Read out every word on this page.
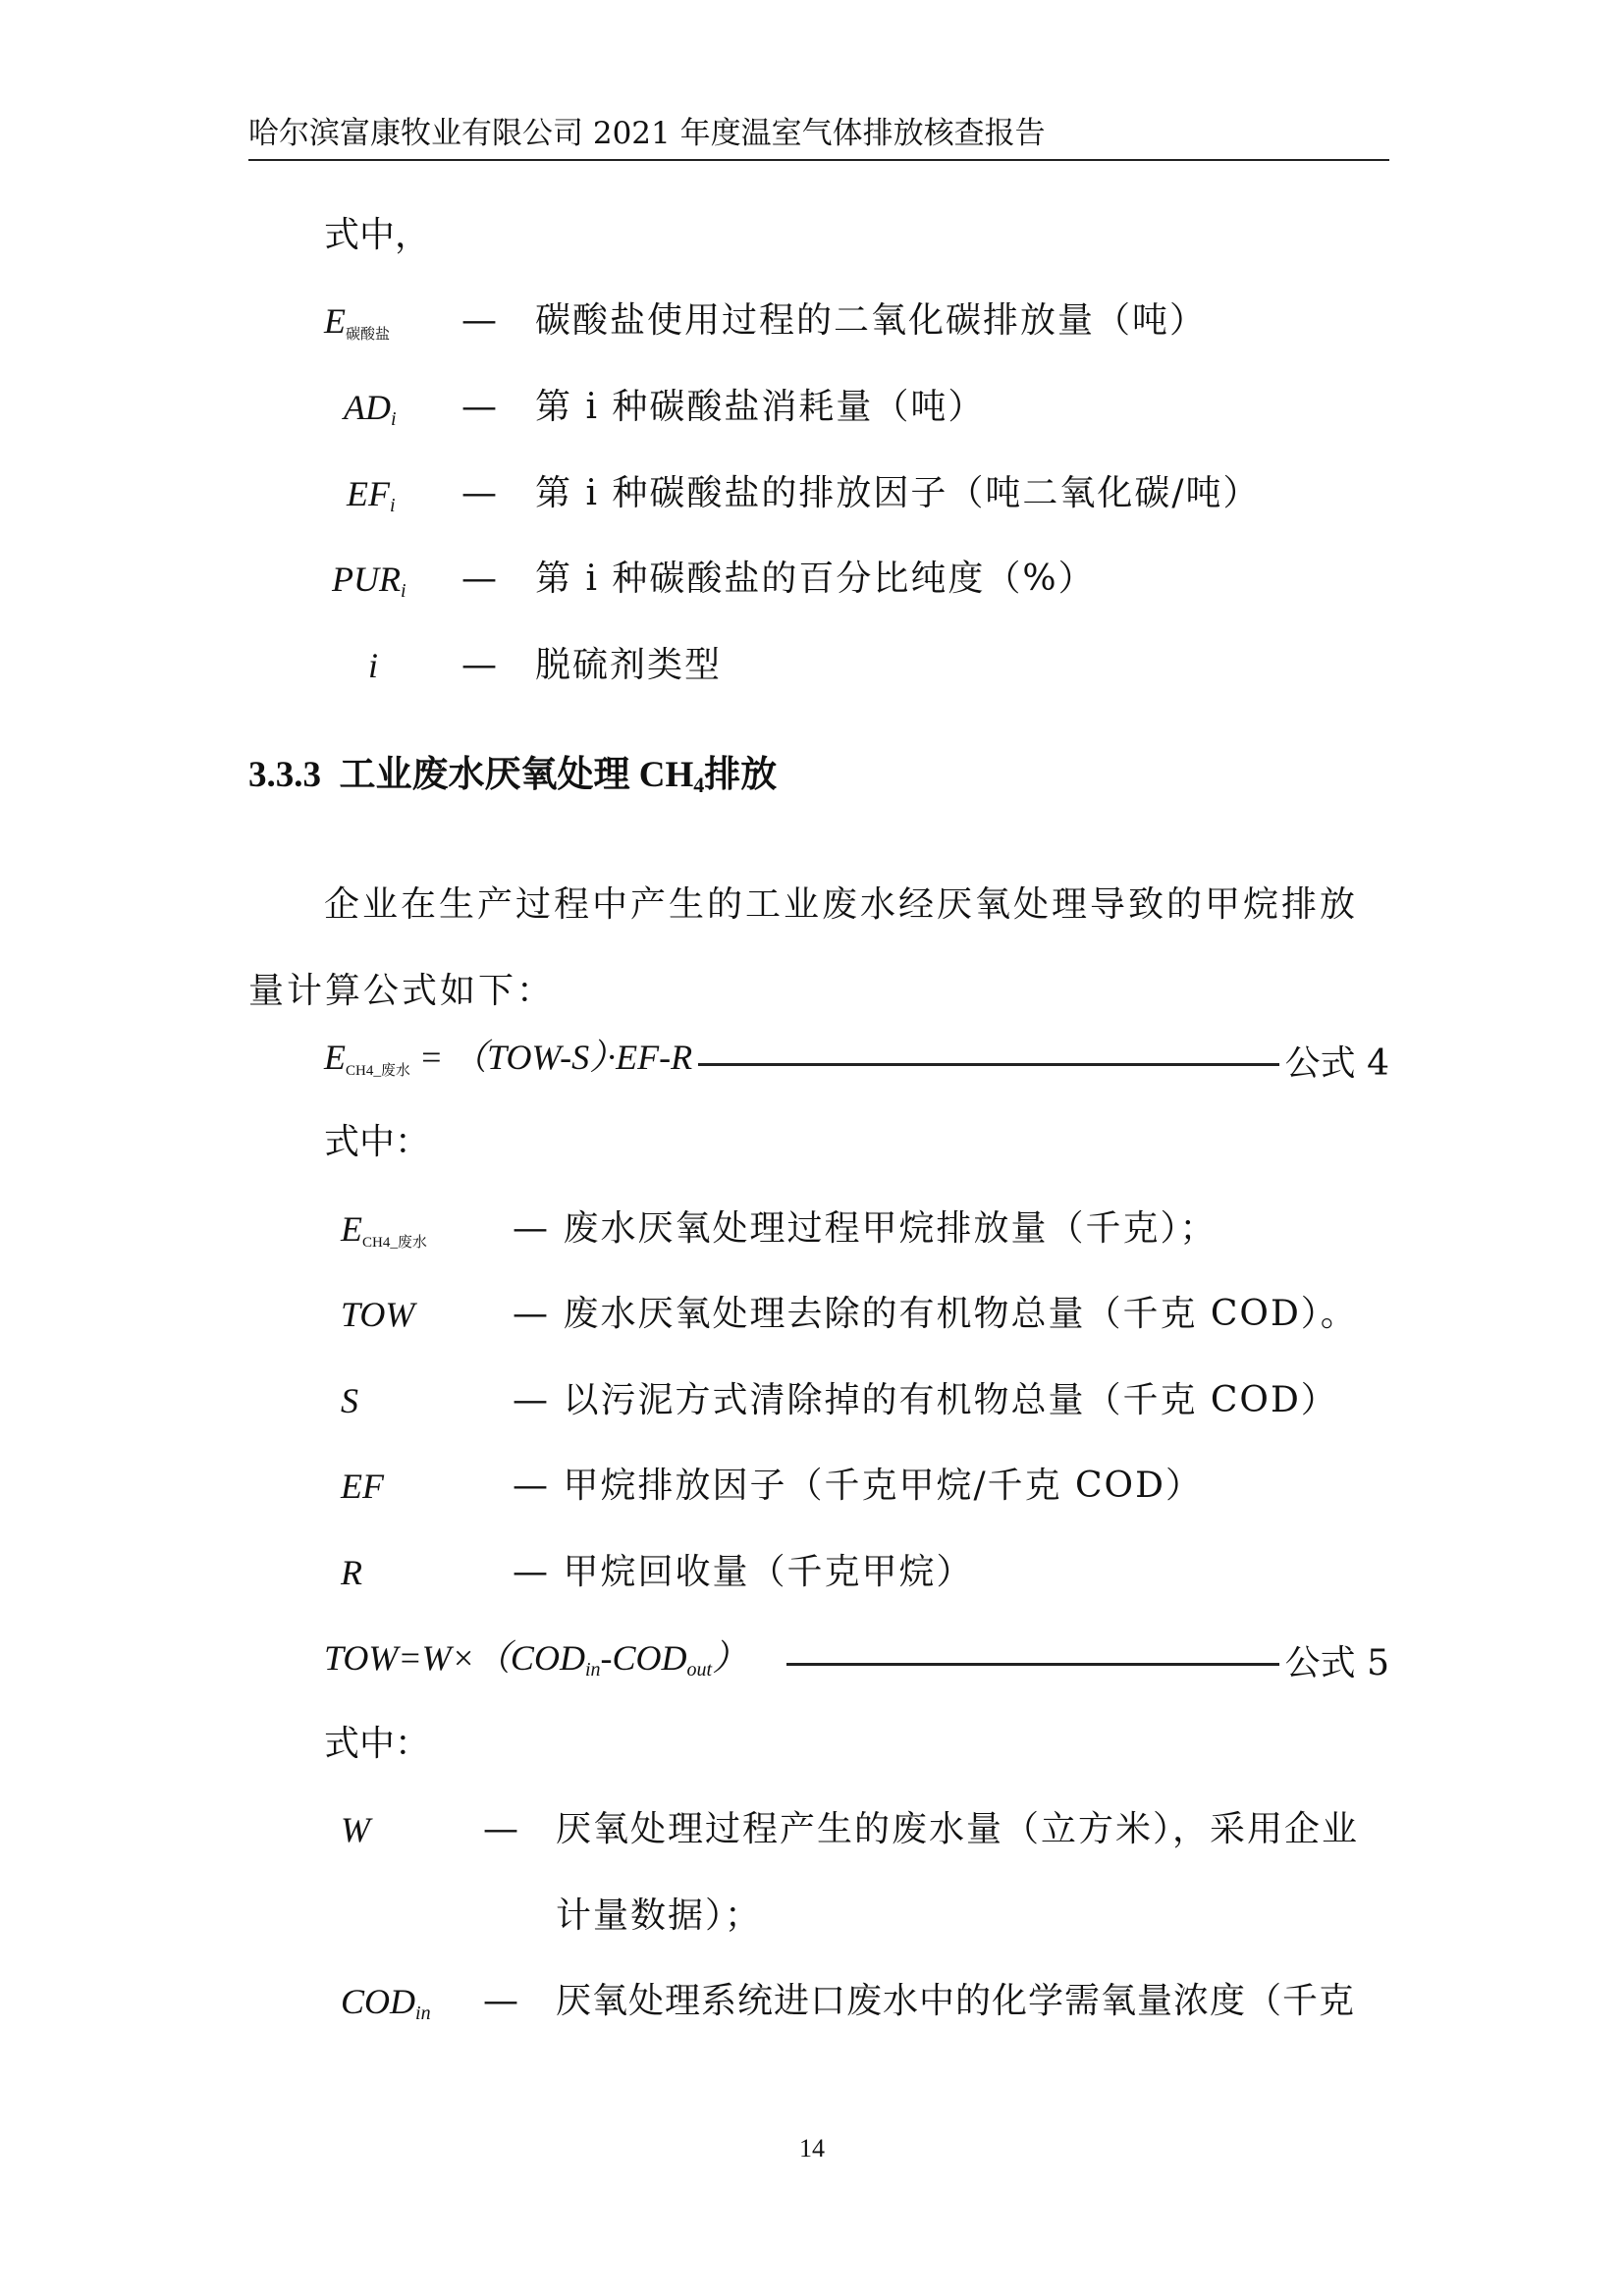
哈尔滨富康牧业有限公司 2021 年度温室气体排放核查报告
式中，
$E_{碳酸盐}$ — 碳酸盐使用过程的二氧化碳排放量（吨）
$AD_i$ — 第 i 种碳酸盐消耗量（吨）
$EF_i$ — 第 i 种碳酸盐的排放因子（吨二氧化碳/吨）
$PUR_i$ — 第 i 种碳酸盐的百分比纯度（%）
i — 脱硫剂类型
3.3.3 工业废水厌氧处理 $CH_4$排放
企业在生产过程中产生的工业废水经厌氧处理导致的甲烷排放量计算公式如下：
$E_{CH4\_废水} = (TOW-S)\cdot EF-R$	公式 4
式中：
$E_{CH4\_废水}$ — 废水厌氧处理过程甲烷排放量（千克）；
TOW	— 废水厌氧处理去除的有机物总量（千克 COD）。
S	— 以污泥方式清除掉的有机物总量（千克 COD）
EF	— 甲烷排放因子（千克甲烷/千克 COD）
R	— 甲烷回收量（千克甲烷）
$TOW=W\times(COD_{in}-COD_{out})$	公式 5
式中：
W	— 厌氧处理过程产生的废水量（立方米），采用企业
计量数据）；
$COD_{in}$ — 厌氧处理系统进口废水中的化学需氧量浓度（千克
14
